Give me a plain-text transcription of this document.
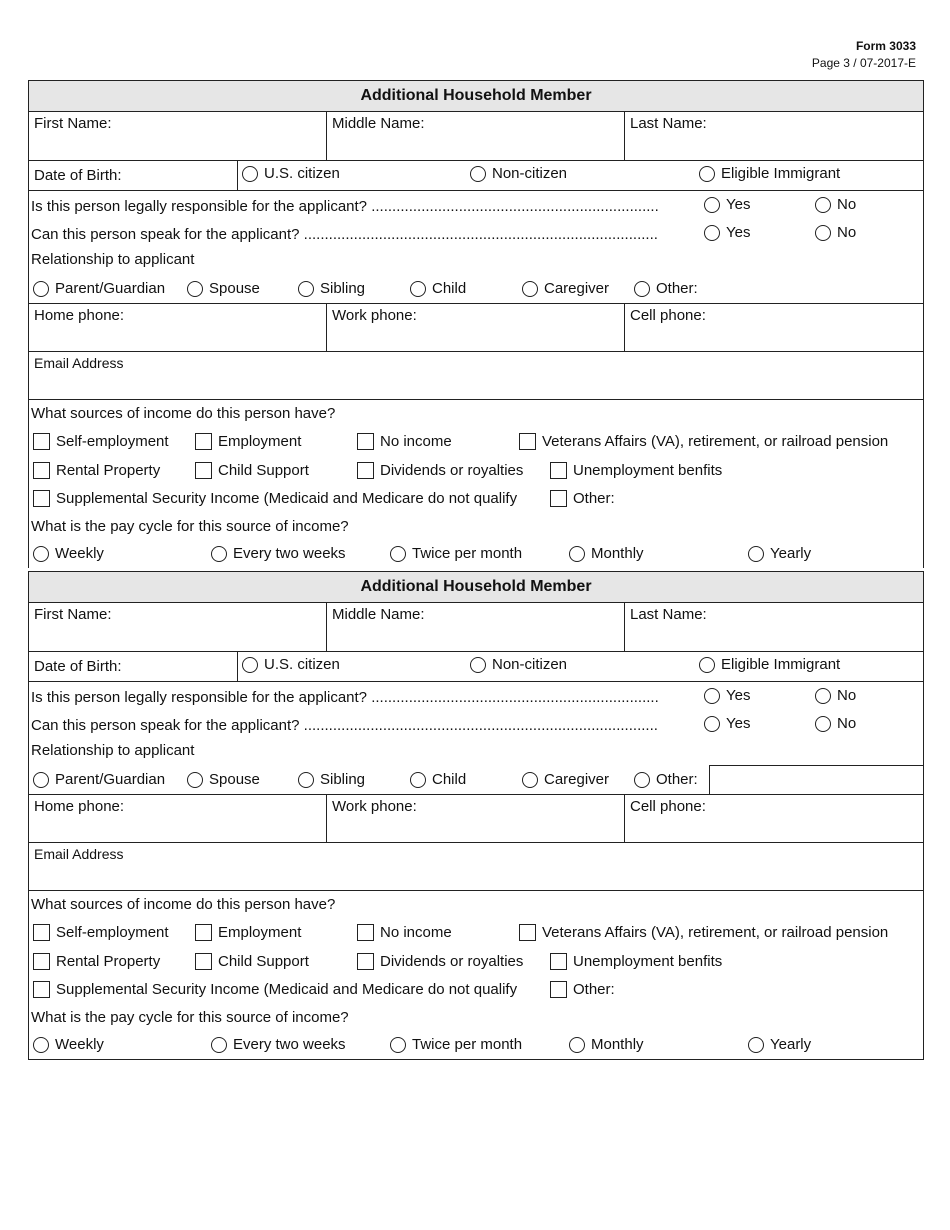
Form 3033
Page 3 / 07-2017-E
Additional Household Member
First Name:	Middle Name:	Last Name:
Date of Birth:	U.S. citizen	Non-citizen	Eligible Immigrant
Is this person legally responsible for the applicant? .....................................................................	Yes	No
Can this person speak for the applicant? .....................................................................................	Yes	No
Relationship to applicant
Parent/Guardian	Spouse	Sibling	Child	Caregiver	Other:
Home phone:	Work phone:	Cell phone:
Email Address
What sources of income do this person have?
Self-employment	Employment	No income	Veterans Affairs (VA), retirement, or railroad pension
Rental Property	Child Support	Dividends or royalties	Unemployment benfits
Supplemental Security Income (Medicaid and Medicare do not qualify	Other:
What is the pay cycle for this source of income?
Weekly	Every two weeks	Twice per month	Monthly	Yearly
Additional Household Member
First Name:	Middle Name:	Last Name:
Date of Birth:	U.S. citizen	Non-citizen	Eligible Immigrant
Is this person legally responsible for the applicant? .....................................................................	Yes	No
Can this person speak for the applicant? .....................................................................................	Yes	No
Relationship to applicant
Parent/Guardian	Spouse	Sibling	Child	Caregiver	Other:
Home phone:	Work phone:	Cell phone:
Email Address
What sources of income do this person have?
Self-employment	Employment	No income	Veterans Affairs (VA), retirement, or railroad pension
Rental Property	Child Support	Dividends or royalties	Unemployment benfits
Supplemental Security Income (Medicaid and Medicare do not qualify	Other:
What is the pay cycle for this source of income?
Weekly	Every two weeks	Twice per month	Monthly	Yearly
